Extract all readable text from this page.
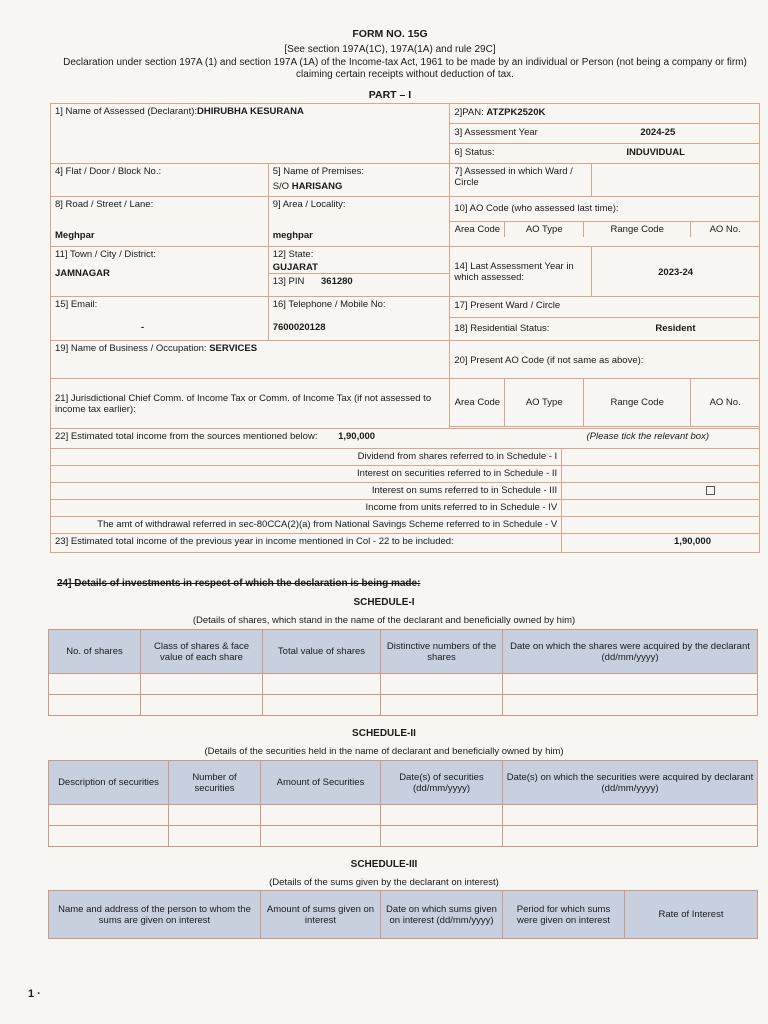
FORM NO. 15G
[See section 197A(1C), 197A(1A) and rule 29C]
Declaration under section 197A (1) and section 197A (1A) of the Income-tax Act, 1961 to be made by an individual or Person (not being a company or firm) claiming certain receipts without deduction of tax.
PART – I
1] Name of Assessed (Declarant):DHIRUBHA KESURANA	2]PAN: ATZPK2520K
3] Assessment Year	2024-25
6] Status:	INDUVIDUAL

4] Flat / Door / Block No.:	5] Name of Premises:
S/O HARISANG
	7] Assessed in which Ward / Circle	

8] Road / Street / Lane:
Meghpar

9] Area / Locality:
meghpar

10] AO Code (who assessed last time):
Area Code	AO Type	Range Code	AO No.

11] Town / City / District:
JAMNAGAR

12] State:
GUJARAT
13] PIN 361280
	14] Last Assessment Year in which assessed:	2023-24

15] Email:
-

16] Telephone / Mobile No:
7600020128

17] Present Ward / Circle
18] Residential Status:	Resident

19] Name of Business / Occupation: SERVICES	20] Present AO Code (if not same as above):
21] Jurisdictional Chief Comm. of Income Tax or Comm. of Income Tax (if not assessed to income tax earlier):	
Area Code	AO Type	Range Code	AO No.

22] Estimated total income from the sources mentioned below: 1,90,000	(Please tick the relevant box)

Dividend from shares referred to in Schedule - I	
Interest on securities referred to in Schedule - II	
Interest on sums referred to in Schedule - III	
Income from units referred to in Schedule - IV	
The amt of withdrawal referred in sec-80CCA(2)(a) from National Savings Scheme referred to in Schedule - V	
23] Estimated total income of the previous year in income mentioned in Col - 22 to be included:	1,90,000
24] Details of investments in respect of which the declaration is being made:
SCHEDULE-I
(Details of shares, which stand in the name of the declarant and beneficially owned by him)
No. of shares	Class of shares & face value of each share	Total value of shares	Distinctive numbers of the shares	Date on which the shares were acquired by the declarant (dd/mm/yyyy)

SCHEDULE-II
(Details of the securities held in the name of declarant and beneficially owned by him)
Description of securities	Number of securities	Amount of Securities	Date(s) of securities (dd/mm/yyyy)	Date(s) on which the securities were acquired by declarant (dd/mm/yyyy)

SCHEDULE-III
(Details of the sums given by the declarant on interest)
Name and address of the person to whom the sums are given on interest	Amount of sums given on interest	Date on which sums given on interest (dd/mm/yyyy)	Period for which sums were given on interest	Rate of Interest
1 ·
